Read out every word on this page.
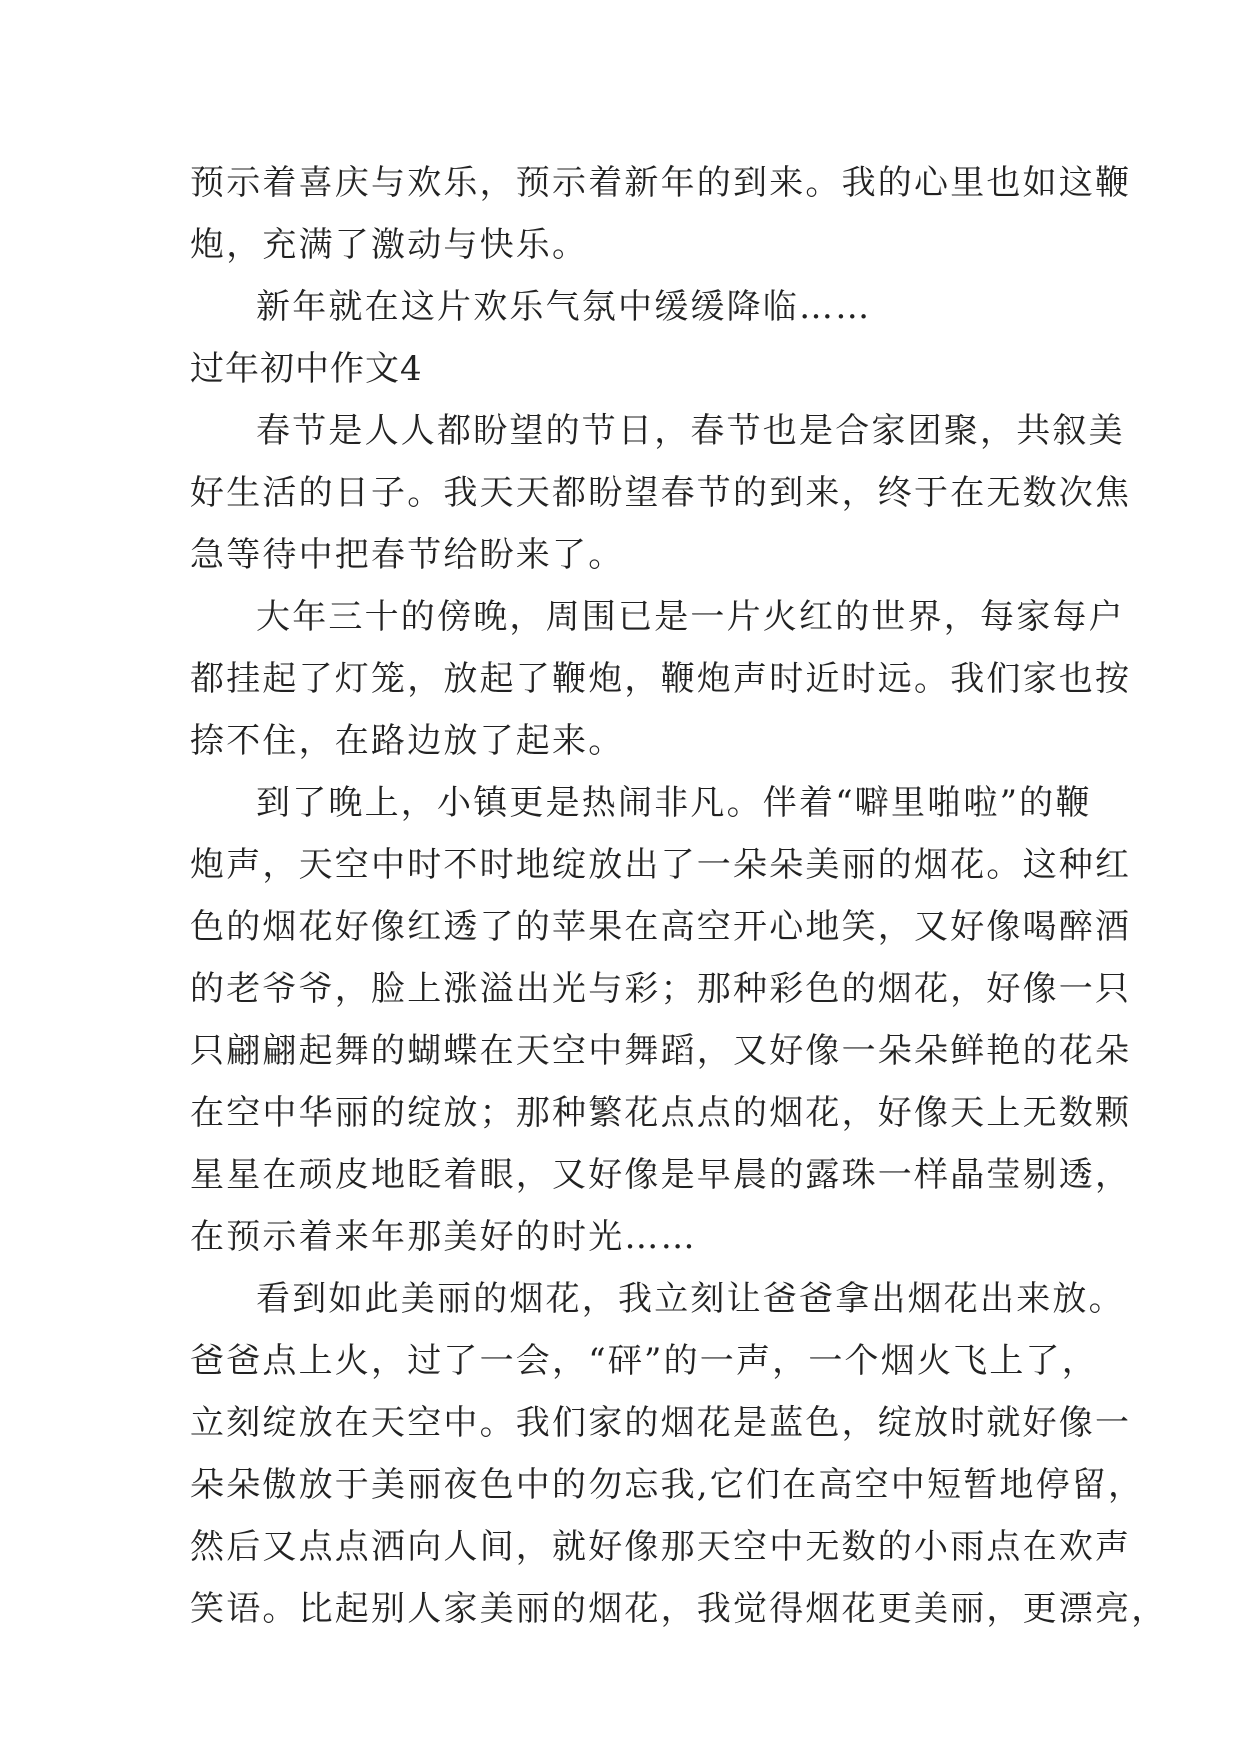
预示着喜庆与欢乐，预示着新年的到来。我的心里也如这鞭
炮，充满了激动与快乐。
新年就在这片欢乐气氛中缓缓降临……
过年初中作文4
春节是人人都盼望的节日，春节也是合家团聚，共叙美
好生活的日子。我天天都盼望春节的到来，终于在无数次焦
急等待中把春节给盼来了。
大年三十的傍晚，周围已是一片火红的世界，每家每户
都挂起了灯笼，放起了鞭炮，鞭炮声时近时远。我们家也按
捺不住，在路边放了起来。
到了晚上，小镇更是热闹非凡。伴着“噼里啪啦”的鞭
炮声，天空中时不时地绽放出了一朵朵美丽的烟花。这种红
色的烟花好像红透了的苹果在高空开心地笑，又好像喝醉酒
的老爷爷，脸上涨溢出光与彩；那种彩色的烟花，好像一只
只翩翩起舞的蝴蝶在天空中舞蹈，又好像一朵朵鲜艳的花朵
在空中华丽的绽放；那种繁花点点的烟花，好像天上无数颗
星星在顽皮地眨着眼，又好像是早晨的露珠一样晶莹剔透，
在预示着来年那美好的时光……
看到如此美丽的烟花，我立刻让爸爸拿出烟花出来放。
爸爸点上火，过了一会，“砰”的一声，一个烟火飞上了，
立刻绽放在天空中。我们家的烟花是蓝色，绽放时就好像一
朵朵傲放于美丽夜色中的勿忘我,它们在高空中短暂地停留，
然后又点点洒向人间，就好像那天空中无数的小雨点在欢声
笑语。比起别人家美丽的烟花，我觉得烟花更美丽，更漂亮，
